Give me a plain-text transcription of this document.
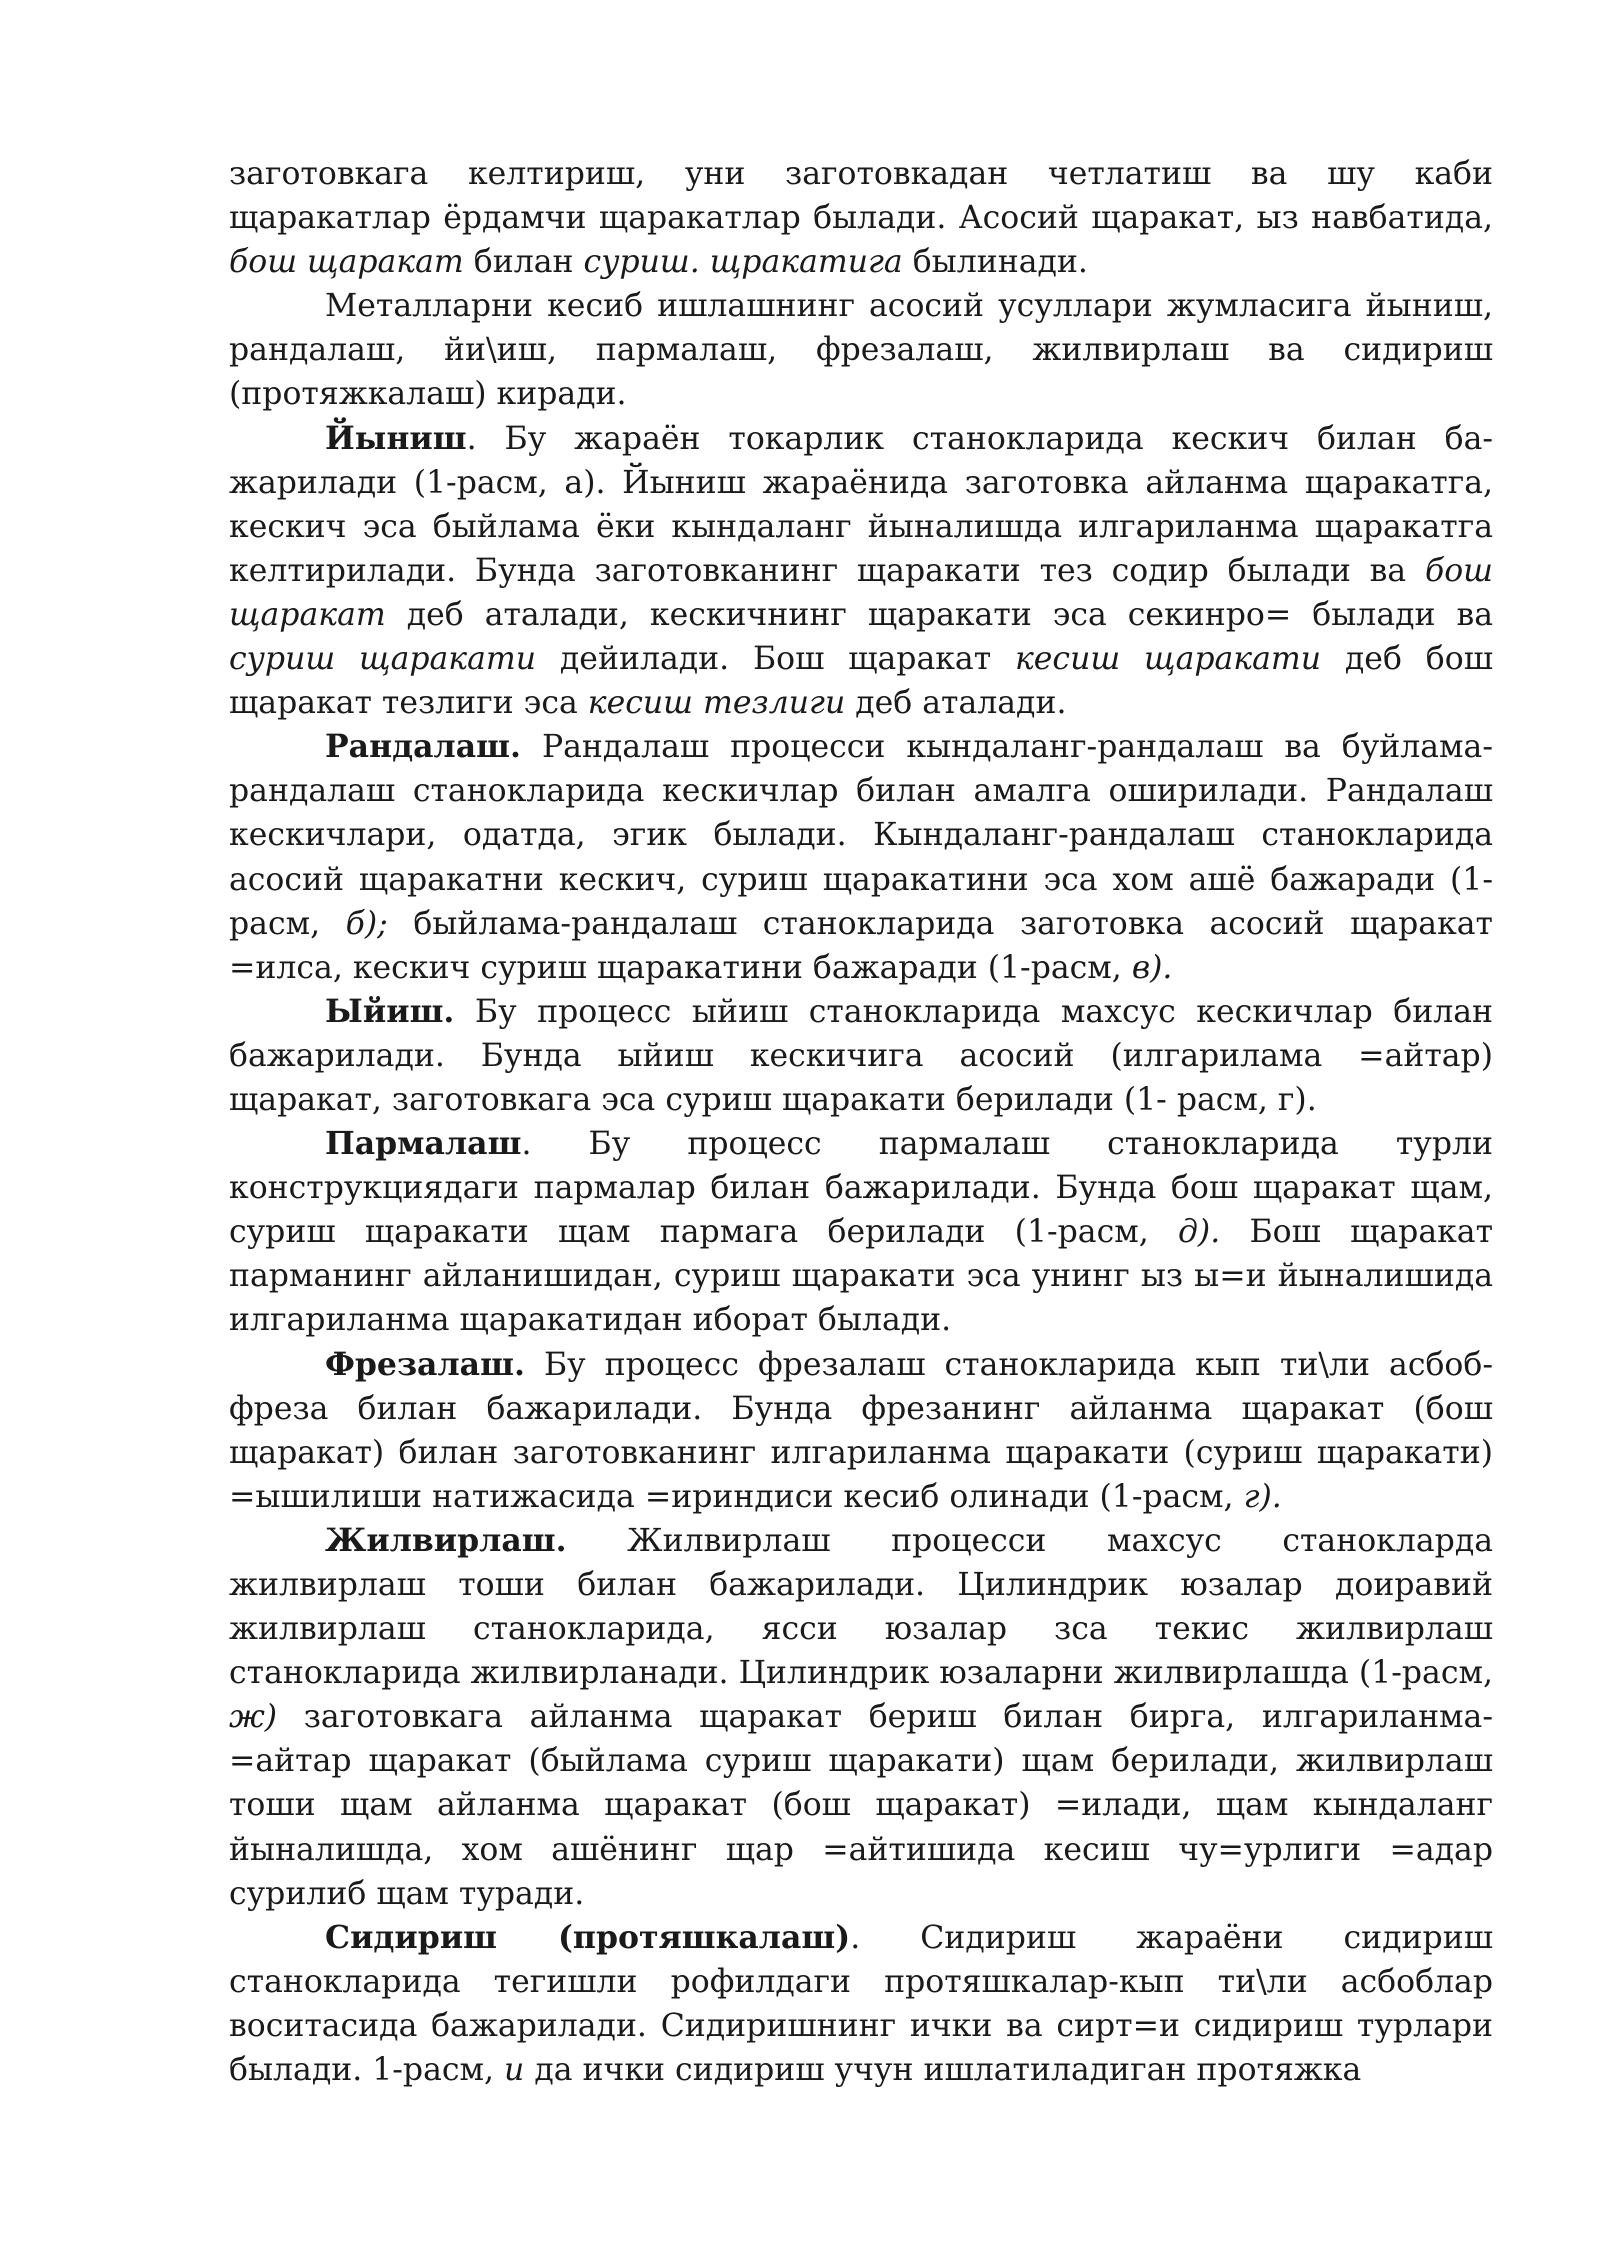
заготовкага келтириш, уни заготовкадан четлатиш ва шу каби щаракатлар ёрдамчи щаракатлар былади. Асосий щаракат, ыз навбатида, бош щаракат билан суриш. щракатига былинади.

Металларни кесиб ишлашнинг асосий усуллари жумласига йыниш, рандалаш, йи\иш, пармалаш, фрезалаш, жилвирлаш ва сидириш (протяжкалаш) киради.

Йыниш. Бу жараён токарлик станокларида кескич билан ба-жарилади (1-расм, а). Йыниш жараёнида заготовка айланма щаракатга, кескич эса быйлама ёки кындаланг йыналишда илгариланма щаракатга келтирилади. Бунда заготовканинг щаракати тез содир былади ва бош щаракат деб аталади, кескичнинг щаракати эса секинро= былади ва суриш щаракати дейилади. Бош щаракат кесиш щаракати деб бош щаракат тезлиги эса кесиш тезлиги деб аталади.

Рандалаш. Рандалаш процесси кындаланг-рандалаш ва буйлама-рандалаш станокларида кескичлар билан амалга оширилади. Рандалаш кескичлари, одатда, эгик былади. Кындаланг-рандалаш станокларида асосий щаракатни кескич, суриш щаракатини эса хом ашё бажаради (1-расм, б); быйлама-рандалаш станокларида заготовка асосий щаракат =илса, кескич суриш щаракатини бажаради (1-расм, в).

Ыйиш. Бу процесс ыйиш станокларида махсус кескичлар билан бажарилади. Бунда ыйиш кескичига асосий (илгарилама =айтар) щаракат, заготовкага эса суриш щаракати берилади (1- расм, г).

Пармалаш. Бу процесс пармалаш станокларида турли конструкциядаги пармалар билан бажарилади. Бунда бош щаракат щам, суриш щаракати щам пармага берилади (1-расм, д). Бош щаракат парманинг айланишидан, суриш щаракати эса унинг ыз ы=и йыналишида илгариланма щаракатидан иборат былади.

Фрезалаш. Бу процесс фрезалаш станокларида кып ти\ли асбоб-фреза билан бажарилади. Бунда фрезанинг айланма щаракат (бош щаракат) билан заготовканинг илгариланма щаракати (суриш щаракати) =ышилиши натижасида =ириндиси кесиб олинади (1-расм, г).

Жилвирлаш. Жилвирлаш процесси махсус станокларда жилвирлаш тоши билан бажарилади. Цилиндрик юзалар доиравий жилвирлаш станокларида, ясси юзалар зса текис жилвирлаш станокларида жилвирланади. Цилиндрик юзаларни жилвирлашда (1-расм, ж) заготовкага айланма щаракат бериш билан бирга, илгариланма-=айтар щаракат (быйлама суриш щаракати) щам берилади, жилвирлаш тоши щам айланма щаракат (бош щаракат) =илади, щам кындаланг йыналишда, хом ашёнинг щар =айтишида кесиш чу=урлиги =адар сурилиб щам туради.

Сидириш (протяшкалаш). Сидириш жараёни сидириш станокларида тегишли рофилдаги протяшкалар-кып ти\ли асбоблар воситасида бажарилади. Сидиришнинг ички ва сирт=и сидириш турлари былади. 1-расм, и да ички сидириш учун ишлатиладиган протяжка
